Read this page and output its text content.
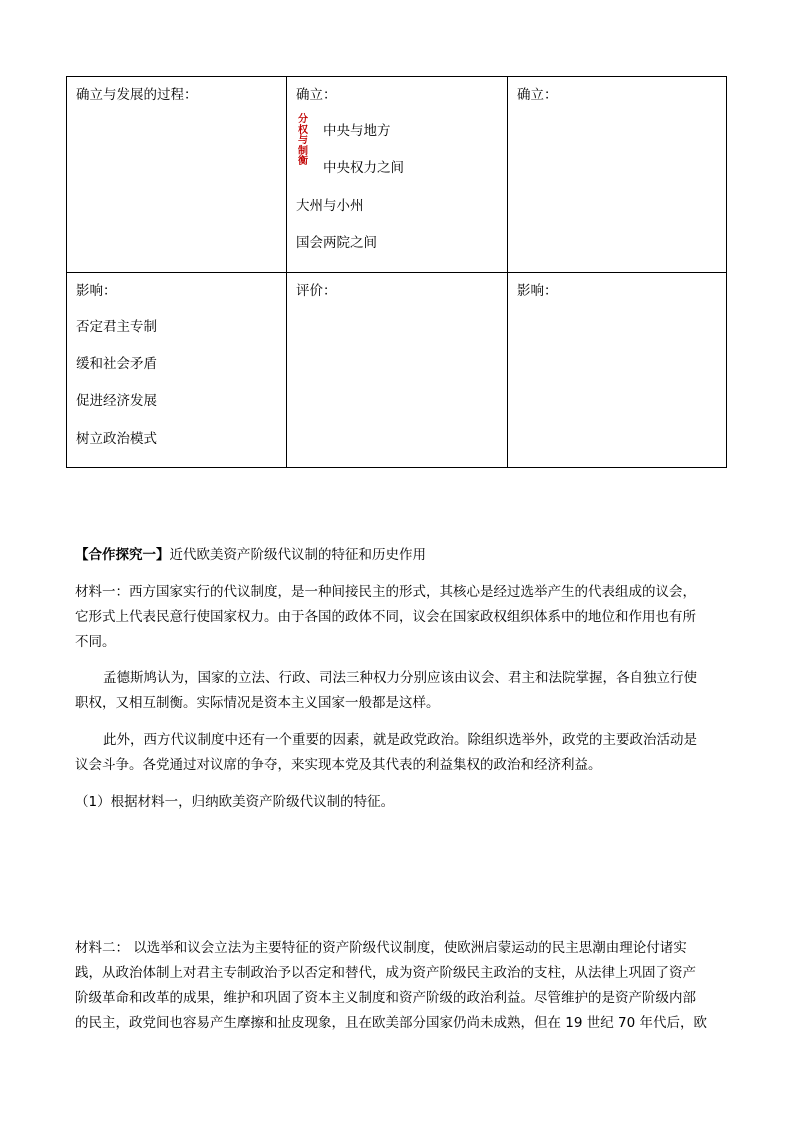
确立与发展的过程：	确立：

分
权
与
制
衡

中央与地方

中央权力之间

大州与小州

国会两院之间

确立：

影响：

否定君主专制

缓和社会矛盾

促进经济发展

树立政治模式

评价：	影响：

【合作探究一】近代欧美资产阶级代议制的特征和历史作用

材料一：西方国家实行的代议制度，是一种间接民主的形式，其核心是经过选举产生的代表组成的议会，

它形式上代表民意行使国家权力。由于各国的政体不同，议会在国家政权组织体系中的地位和作用也有所

不同。

孟德斯鸠认为，国家的立法、行政、司法三种权力分别应该由议会、君主和法院掌握，各自独立行使

职权，又相互制衡。实际情况是资本主义国家一般都是这样。

此外，西方代议制度中还有一个重要的因素，就是政党政治。除组织选举外，政党的主要政治活动是

议会斗争。各党通过对议席的争夺，来实现本党及其代表的利益集权的政治和经济利益。

（1）根据材料一，归纳欧美资产阶级代议制的特征。

材料二： 以选举和议会立法为主要特征的资产阶级代议制度，使欧洲启蒙运动的民主思潮由理论付诸实

践，从政治体制上对君主专制政治予以否定和替代，成为资产阶级民主政治的支柱，从法律上巩固了资产

阶级革命和改革的成果，维护和巩固了资本主义制度和资产阶级的政治利益。尽管维护的是资产阶级内部

的民主，政党间也容易产生摩擦和扯皮现象，且在欧美部分国家仍尚未成熟，但在 19 世纪 70 年代后，欧
